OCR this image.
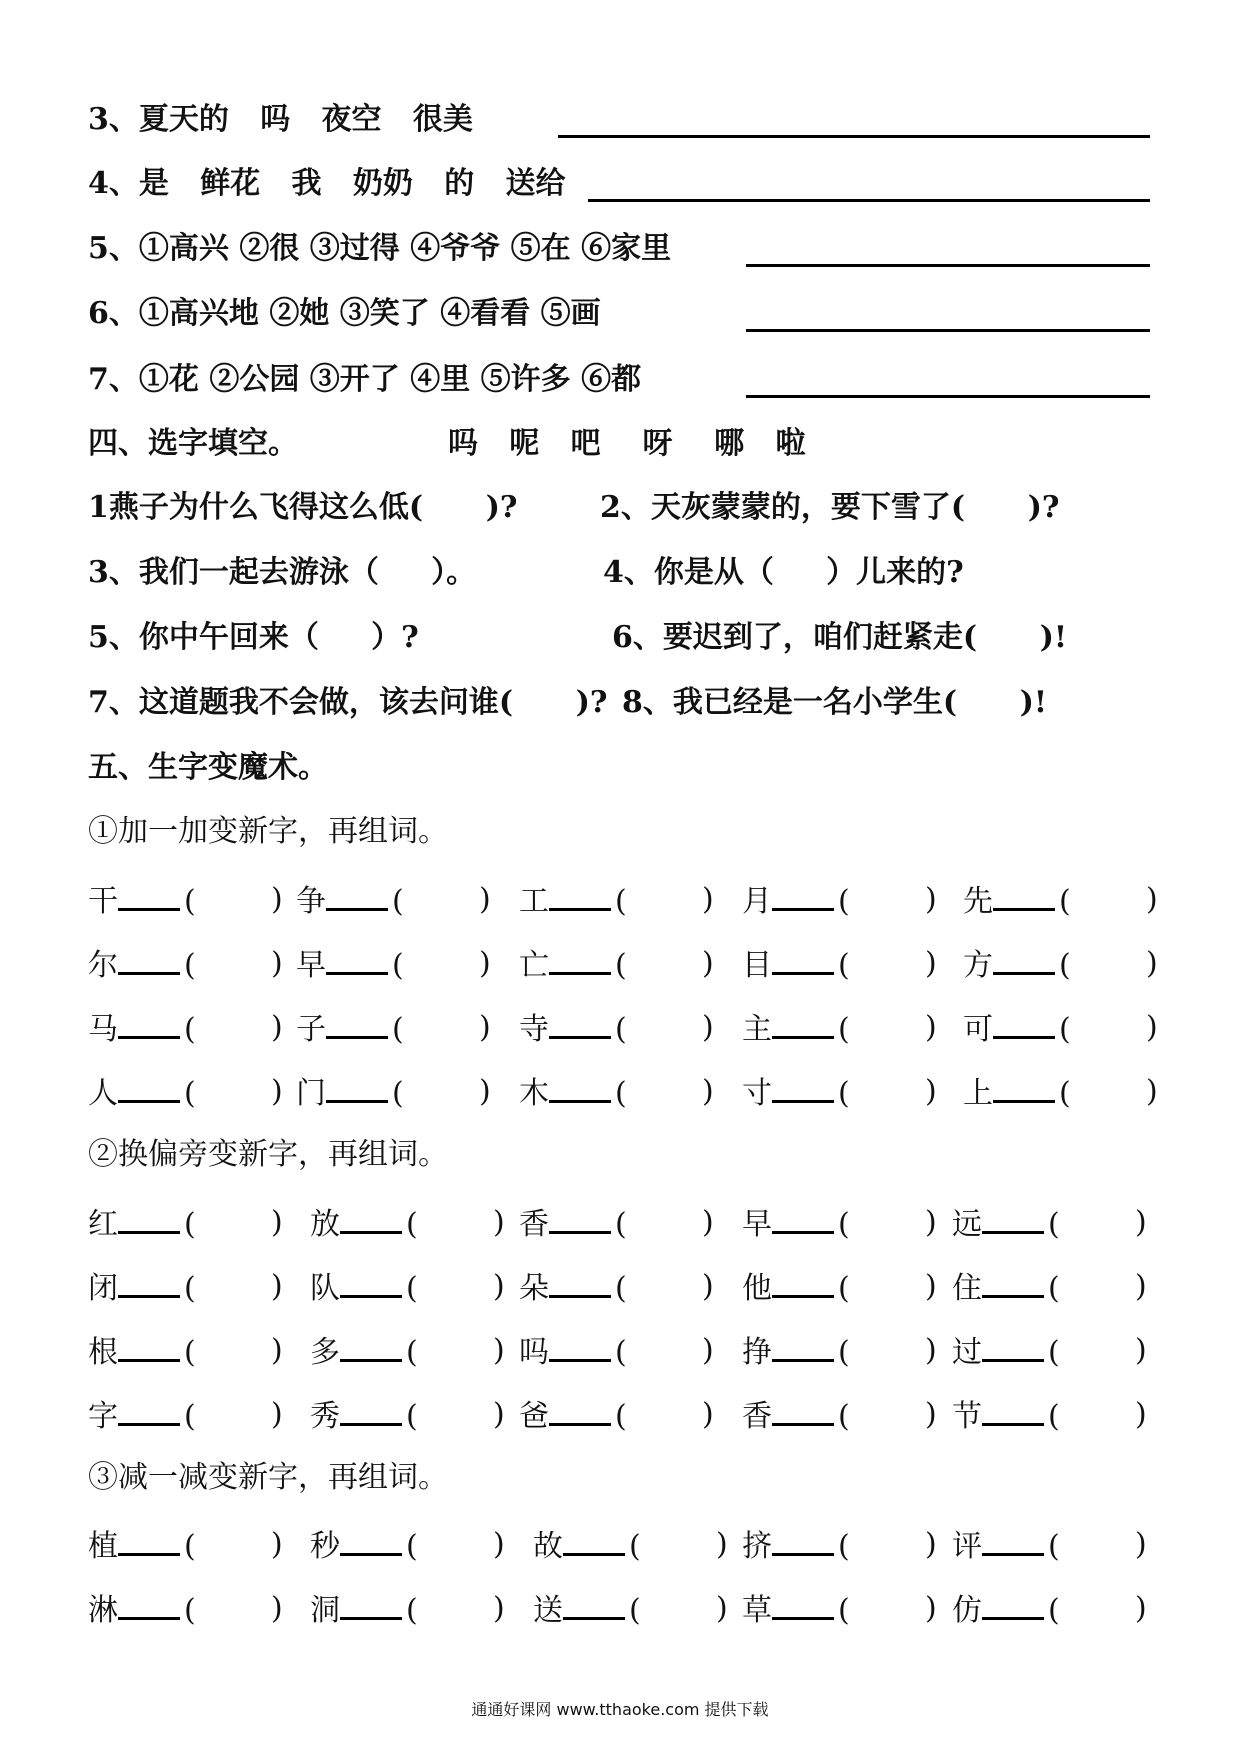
3、夏天的   吗   夜空   很美
4、是   鲜花   我   奶奶   的   送给
5、①高兴 ②很 ③过得 ④爷爷 ⑤在 ⑥家里
6、①高兴地 ②她 ③笑了 ④看看 ⑤画
7、①花 ②公园 ③开了 ④里 ⑤许多 ⑥都
四、选字填空。	吗   呢   吧    呀    哪   啦
1燕子为什么飞得这么低(      )?	2、天灰蒙蒙的，要下雪了(      )?
3、我们一起去游泳（     ）。	4、你是从（     ）儿来的?
5、你中午回来（     ）?	6、要迟到了，咱们赶紧走(      )!
7、这道题我不会做，该去问谁(      )? 8、我已经是一名小学生(      )!
五、生字变魔术。
①加一加变新字，再组词。
干 (	) 争 (	) 工 (	) 月 (	) 先 (	)
尔 (	) 早 (	) 亡 (	) 目 (	) 方 (	)
马 (	) 子 (	) 寺 (	) 主 (	) 可 (	)
人 (	) 门 (	) 木 (	) 寸 (	) 上 (	)
②换偏旁变新字，再组词。
红 (	) 放 (	) 香 (	) 早 (	) 远 (	)
闭 (	) 队 (	) 朵 (	) 他 (	) 住 (	)
根 (	) 多 (	) 吗 (	) 挣 (	) 过 (	)
字 (	) 秀 (	) 爸 (	) 香 (	) 节 (	)
③减一减变新字，再组词。
植 (	) 秒 (	) 故 (	) 挤 (	) 评 (	)
淋 (	) 洞 (	) 送 (	) 草 (	) 仿 (	)
通通好课网 www.tthaoke.com 提供下载
